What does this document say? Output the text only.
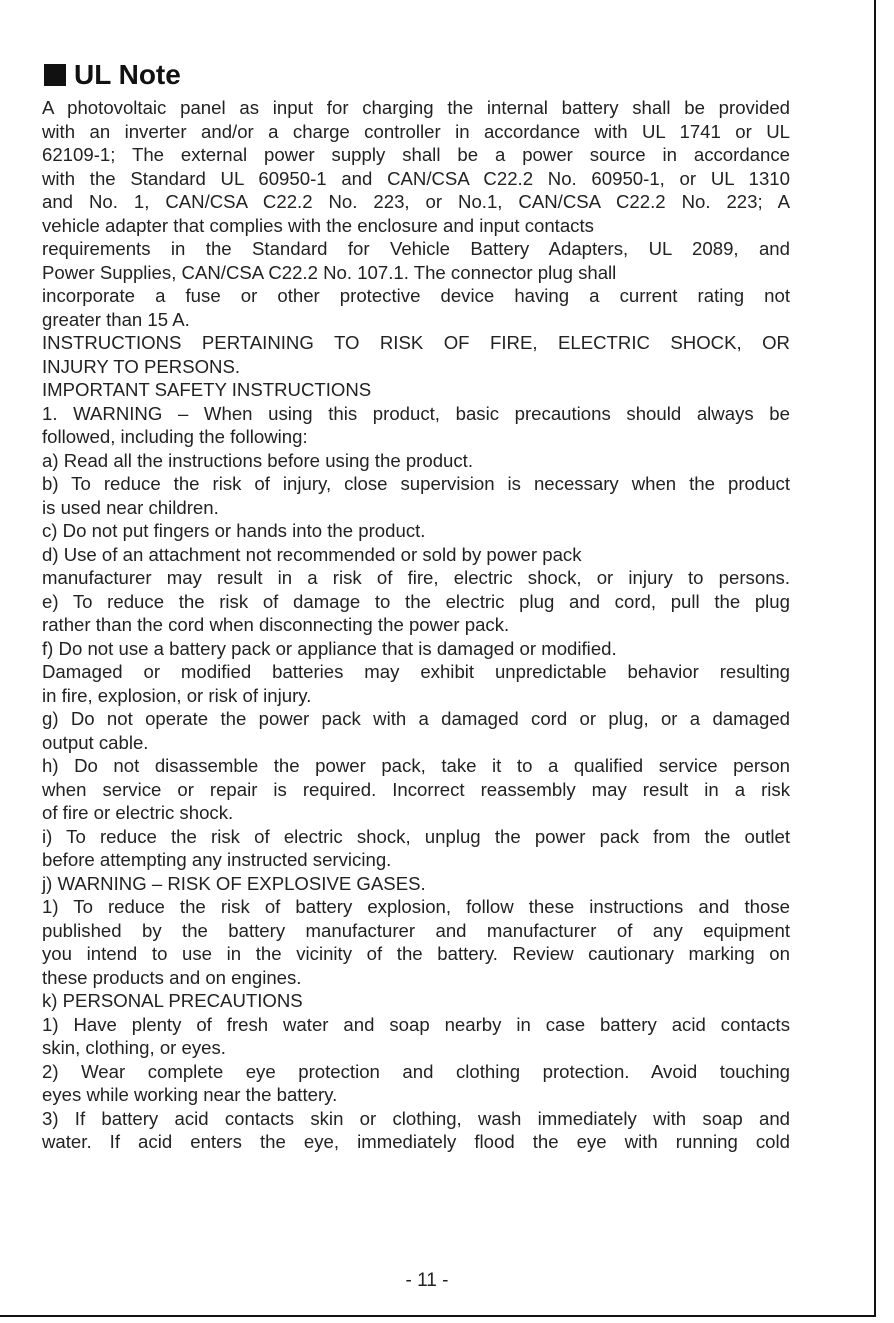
UL Note
A photovoltaic panel as input for charging the internal battery shall be provided
with an inverter and/or a charge controller in accordance with UL 1741 or UL
62109-1; The external power supply shall be a power source in accordance
with the Standard UL 60950-1 and CAN/CSA C22.2 No. 60950-1, or UL 1310
and No. 1, CAN/CSA C22.2 No. 223, or No.1, CAN/CSA C22.2 No. 223; A
vehicle adapter that complies with the enclosure and input contacts
requirements in the Standard for Vehicle Battery Adapters, UL 2089, and
Power Supplies, CAN/CSA C22.2 No. 107.1. The connector plug shall
incorporate a fuse or other protective device having a current rating not
greater than 15 A.
INSTRUCTIONS PERTAINING TO RISK OF FIRE, ELECTRIC SHOCK, OR
INJURY TO PERSONS.
IMPORTANT SAFETY INSTRUCTIONS
1. WARNING – When using this product, basic precautions should always be
followed, including the following:
a) Read all the instructions before using the product.
b) To reduce the risk of injury, close supervision is necessary when the product
is used near children.
c) Do not put fingers or hands into the product.
d) Use of an attachment not recommended or sold by power pack
manufacturer may result in a risk of fire, electric shock, or injury to persons.
e) To reduce the risk of damage to the electric plug and cord, pull the plug
rather than the cord when disconnecting the power pack.
f) Do not use a battery pack or appliance that is damaged or modified.
Damaged or modified batteries may exhibit unpredictable behavior resulting
in fire, explosion, or risk of injury.
g) Do not operate the power pack with a damaged cord or plug, or a damaged
output cable.
h) Do not disassemble the power pack, take it to a qualified service person
when service or repair is required. Incorrect reassembly may result in a risk
of fire or electric shock.
i) To reduce the risk of electric shock, unplug the power pack from the outlet
before attempting any instructed servicing.
j) WARNING – RISK OF EXPLOSIVE GASES.
1) To reduce the risk of battery explosion, follow these instructions and those
published by the battery manufacturer and manufacturer of any equipment
you intend to use in the vicinity of the battery. Review cautionary marking on
these products and on engines.
k) PERSONAL PRECAUTIONS
1) Have plenty of fresh water and soap nearby in case battery acid contacts
skin, clothing, or eyes.
2) Wear complete eye protection and clothing protection. Avoid touching
eyes while working near the battery.
3) If battery acid contacts skin or clothing, wash immediately with soap and
water. If acid enters the eye, immediately flood the eye with running cold
- 11 -
